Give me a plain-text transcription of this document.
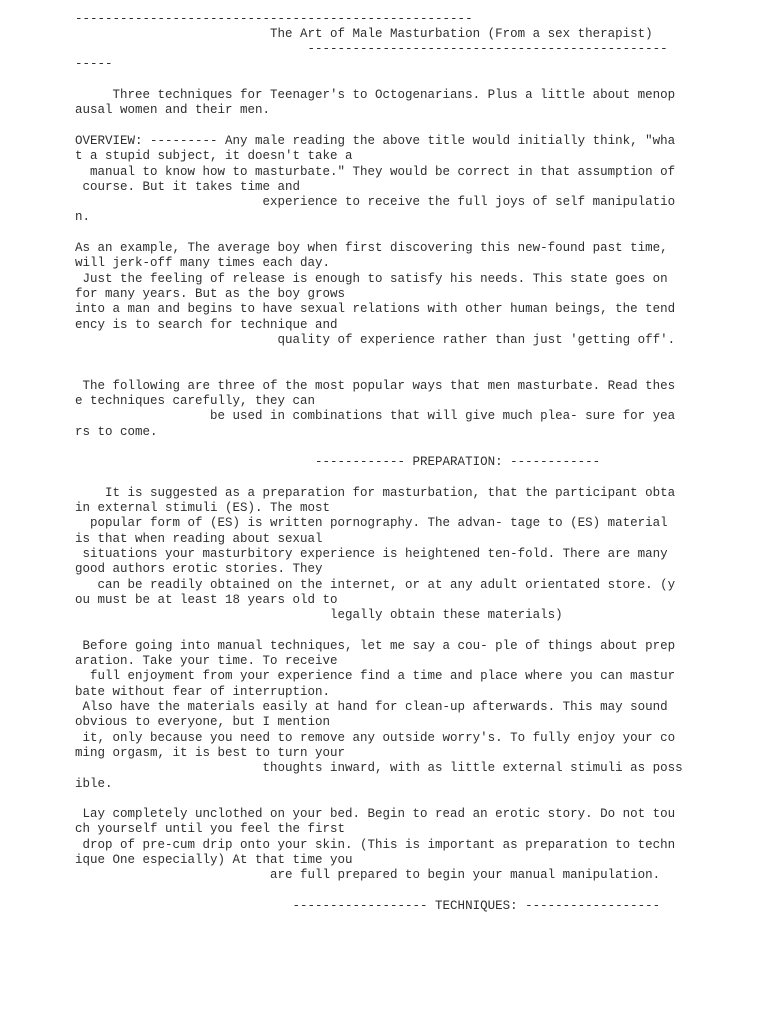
-----------------------------------------------------
The Art of Male Masturbation (From a sex therapist)
------------------------------------------------
-----
Three techniques for Teenager's to Octogenarians. Plus a little about menop
ausal women and their men.
OVERVIEW: --------- Any male reading the above title would initially think, "wha
t a stupid subject, it doesn't take a
manual to know how to masturbate." They would be correct in that assumption of
course. But it takes time and
experience to receive the full joys of self manipulatio
n.
As an example, The average boy when first discovering this new-found past time,
will jerk-off many times each day.
Just the feeling of release is enough to satisfy his needs. This state goes on
for many years. But as the boy grows
into a man and begins to have sexual relations with other human beings, the tend
ency is to search for technique and
quality of experience rather than just 'getting off'.
The following are three of the most popular ways that men masturbate. Read thes
e techniques carefully, they can
be used in combinations that will give much plea- sure for yea
rs to come.
------------ PREPARATION: ------------
It is suggested as a preparation for masturbation, that the participant obta
in external stimuli (ES). The most
popular form of (ES) is written pornography. The advan- tage to (ES) material
is that when reading about sexual
situations your masturbitory experience is heightened ten-fold. There are many
good authors erotic stories. They
can be readily obtained on the internet, or at any adult orientated store. (y
ou must be at least 18 years old to
legally obtain these materials)
Before going into manual techniques, let me say a cou- ple of things about prep
aration. Take your time. To receive
full enjoyment from your experience find a time and place where you can mastur
bate without fear of interruption.
Also have the materials easily at hand for clean-up afterwards. This may sound
obvious to everyone, but I mention
it, only because you need to remove any outside worry's. To fully enjoy your co
ming orgasm, it is best to turn your
thoughts inward, with as little external stimuli as poss
ible.
Lay completely unclothed on your bed. Begin to read an erotic story. Do not tou
ch yourself until you feel the first
drop of pre-cum drip onto your skin. (This is important as preparation to techn
ique One especially) At that time you
are full prepared to begin your manual manipulation.
------------------ TECHNIQUES: ------------------
